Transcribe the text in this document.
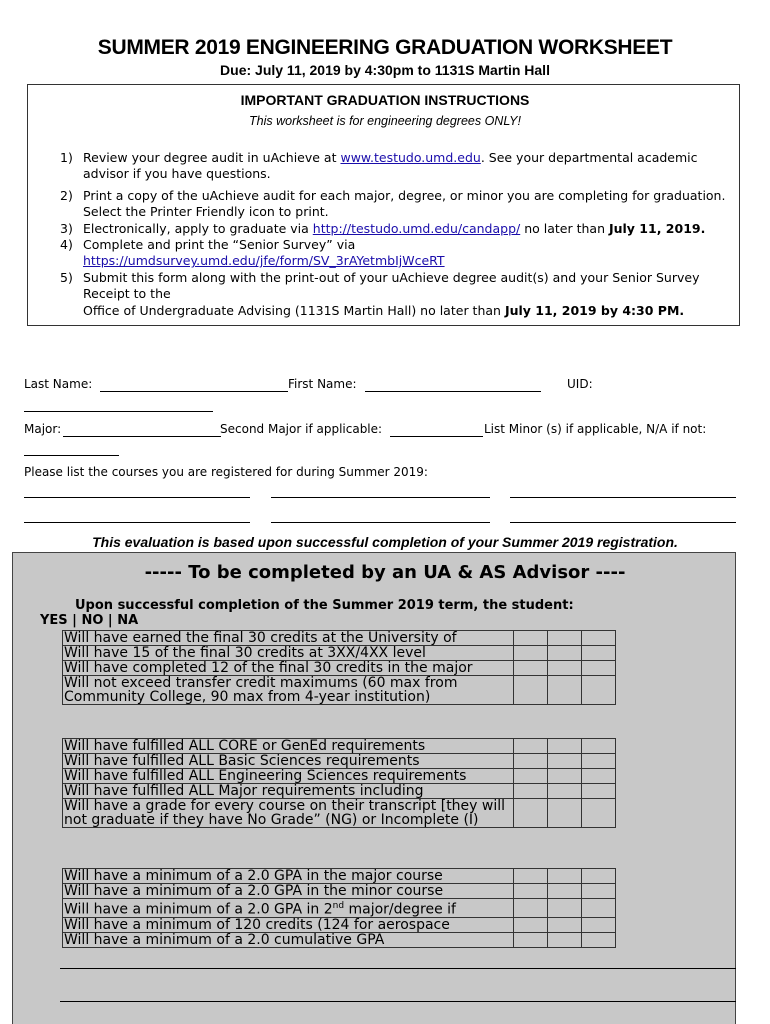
SUMMER 2019 ENGINEERING GRADUATION WORKSHEET
Due: July 11, 2019 by 4:30pm to 1131S Martin Hall
IMPORTANT GRADUATION INSTRUCTIONS
This worksheet is for engineering degrees ONLY!
1) Review your degree audit in uAchieve at www.testudo.umd.edu. See your departmental academic advisor if you have questions.
2) Print a copy of the uAchieve audit for each major, degree, or minor you are completing for graduation. Select the Printer Friendly icon to print.
3) Electronically, apply to graduate via http://testudo.umd.edu/candapp/ no later than July 11, 2019.
4) Complete and print the “Senior Survey” via
https://umdsurvey.umd.edu/jfe/form/SV_3rAYetmbIjWceRT
5) Submit this form along with the print-out of your uAchieve degree audit(s) and your Senior Survey Receipt to the
Office of Undergraduate Advising (1131S Martin Hall) no later than July 11, 2019 by 4:30 PM.
Last Name:	First Name:	UID:
Major:	Second Major if applicable:	List Minor (s) if applicable, N/A if not:
Please list the courses you are registered for during Summer 2019:
This evaluation is based upon successful completion of your Summer 2019 registration.
----- To be completed by an UA & AS Advisor ----
Upon successful completion of the Summer 2019 term, the student:
YES | NO | NA
Will have earned the final 30 credits at the University of			
Will have 15 of the final 30 credits at 3XX/4XX level			
Will have completed 12 of the final 30 credits in the major			
Will not exceed transfer credit maximums (60 max from Community College, 90 max from 4-year institution)			
Will have fulfilled ALL CORE or GenEd requirements			
Will have fulfilled ALL Basic Sciences requirements			
Will have fulfilled ALL Engineering Sciences requirements			
Will have fulfilled ALL Major requirements including			
Will have a grade for every course on their transcript [they will not graduate if they have No Grade” (NG) or Incomplete (I)			
Will have a minimum of a 2.0 GPA in the major course			
Will have a minimum of a 2.0 GPA in the minor course			
Will have a minimum of a 2.0 GPA in 2nd major/degree if			
Will have a minimum of 120 credits (124 for aerospace			
Will have a minimum of a 2.0 cumulative GPA			
